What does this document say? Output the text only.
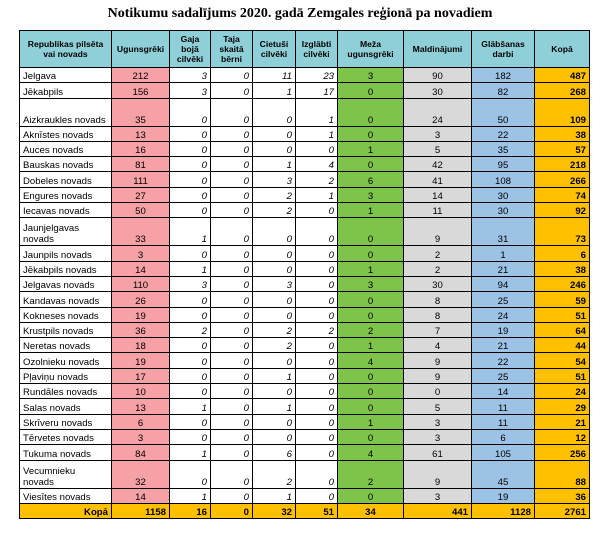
Notikumu sadalījums 2020. gadā Zemgales reģionā pa novadiem
Republikas pilsēta vai novads	Ugunsgrēki	Gaja bojā cilvēki	Taja skaitā bērni	Cietuši cilvēki	Izglābti cilvēki	Meža ugunsgrēki	Maldinājumi	Glābšanas darbi	Kopā
Jelgava	212	3	0	11	23	3	90	182	487
Jēkabpils	156	3	0	1	17	0	30	82	268
Aizkraukles novads	35	0	0	0	1	0	24	50	109
Aknīstes novads	13	0	0	0	1	0	3	22	38
Auces novads	16	0	0	0	0	1	5	35	57
Bauskas novads	81	0	0	1	4	0	42	95	218
Dobeles novads	111	0	0	3	2	6	41	108	266
Engures novads	27	0	0	2	1	3	14	30	74
Iecavas novads	50	0	0	2	0	1	11	30	92
Jaunjelgavas novads	33	1	0	0	0	0	9	31	73
Jaunpils novads	3	0	0	0	0	0	2	1	6
Jēkabpils novads	14	1	0	0	0	1	2	21	38
Jelgavas novads	110	3	0	3	0	3	30	94	246
Kandavas novads	26	0	0	0	0	0	8	25	59
Kokneses novads	19	0	0	0	0	0	8	24	51
Krustpils novads	36	2	0	2	2	2	7	19	64
Neretas novads	18	0	0	2	0	1	4	21	44
Ozolnieku novads	19	0	0	0	0	4	9	22	54
Pļaviņu novads	17	0	0	1	0	0	9	25	51
Rundāles novads	10	0	0	0	0	0	0	14	24
Salas novads	13	1	0	1	0	0	5	11	29
Skrīveru novads	6	0	0	0	0	1	3	11	21
Tērvetes novads	3	0	0	0	0	0	3	6	12
Tukuma novads	84	1	0	6	0	4	61	105	256
Vecumnieku novads	32	0	0	2	0	2	9	45	88
Viesītes novads	14	1	0	1	0	0	3	19	36
Kopā	1158	16	0	32	51	34	441	1128	2761
